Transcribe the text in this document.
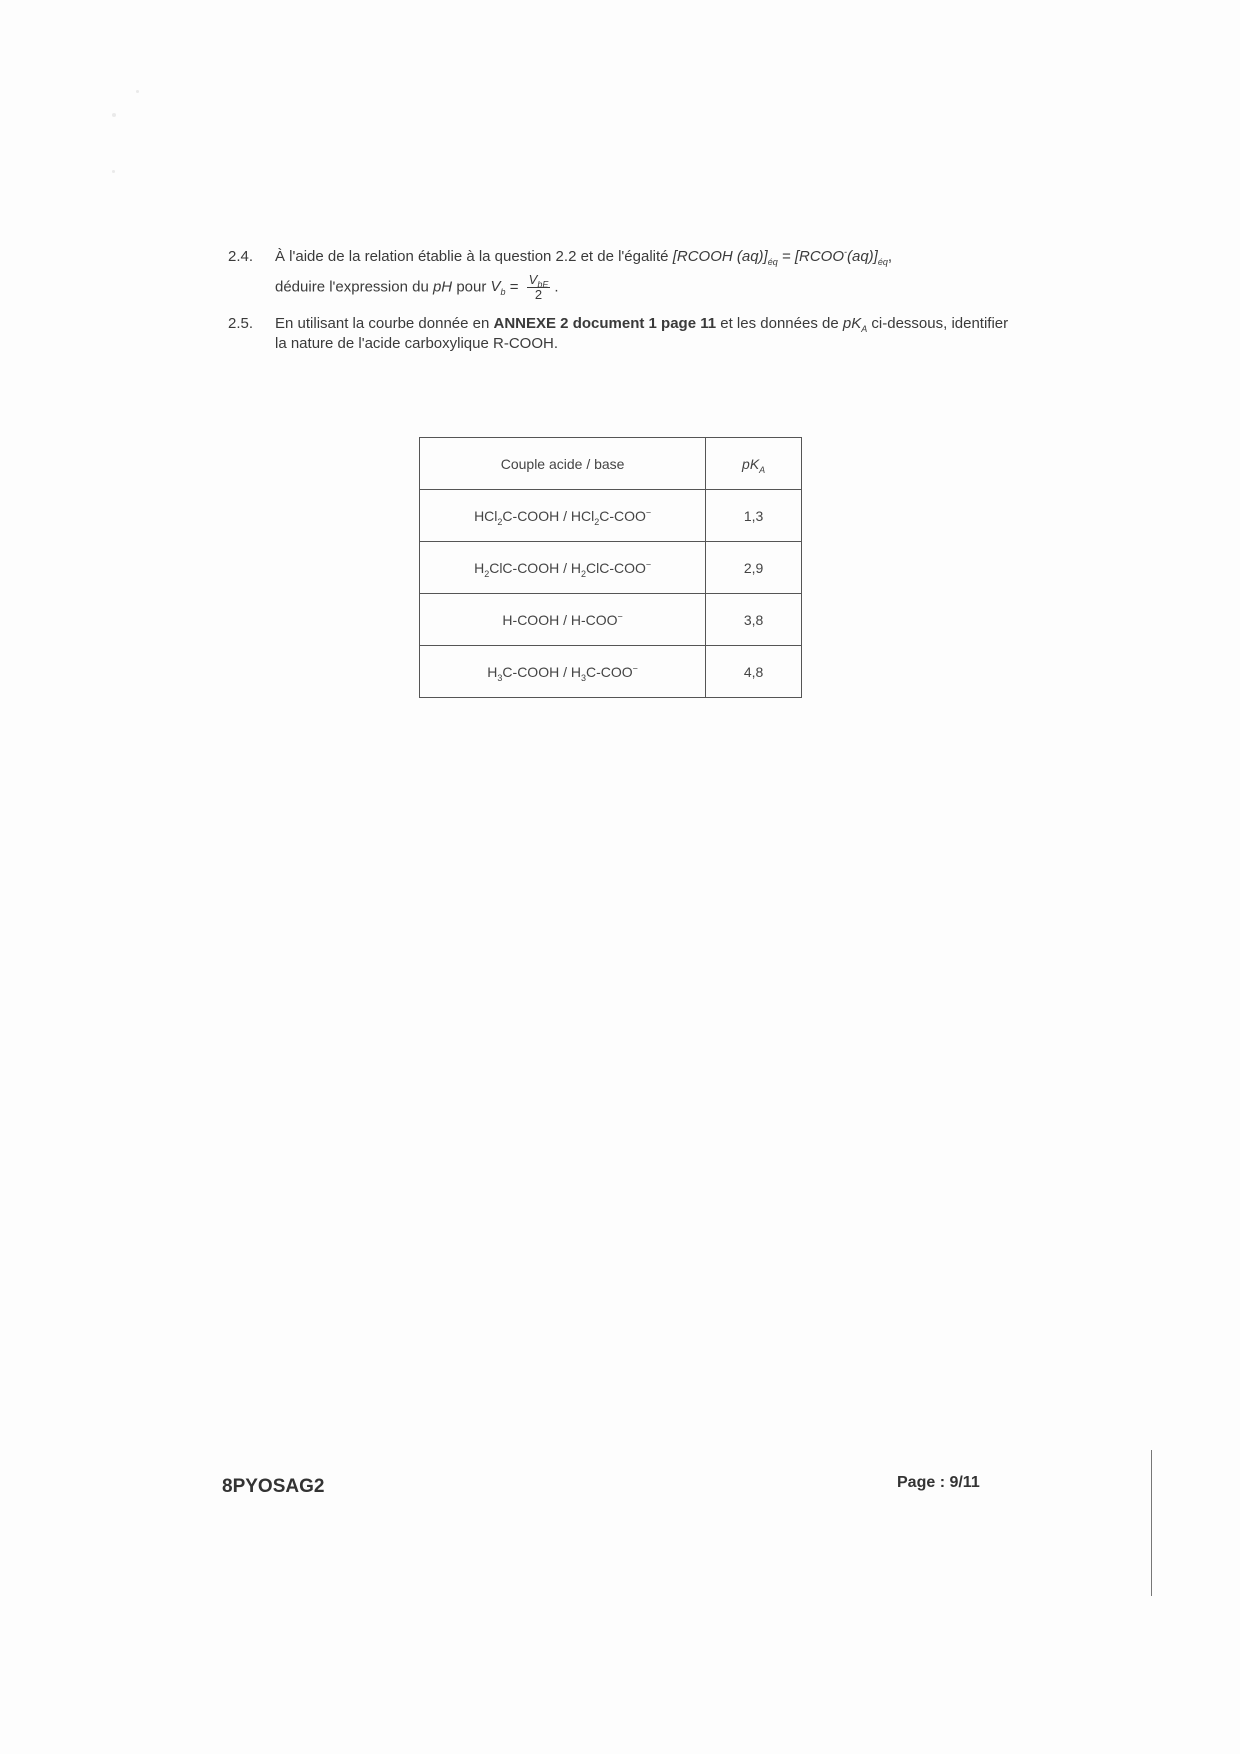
2.4.	À l'aide de la relation établie à la question 2.2 et de l'égalité [RCOOH $(aq)]_{éq}$ = $[RCOO^-(aq)]_{éq}$,
déduire l'expression du pH pour $V_b = \frac{V_{bE}}{2}$ .
2.5.	En utilisant la courbe donnée en ANNEXE 2 document 1 page 11 et les données de $pK_A$ ci-dessous, identifier la nature de l'acide carboxylique R-COOH.
Couple acide / base	$pK_A$
HCl$_2$C-COOH / HCl$_2$C-COO−	1,3
$H_2ClC$-COOH / $H_2ClC-COO^-$	2,9
H-COOH / H-COO−	3,8
$H_3C$-COOH / $H_3C-COO^-$	4,8
8PYOSAG2	Page : 9/11
